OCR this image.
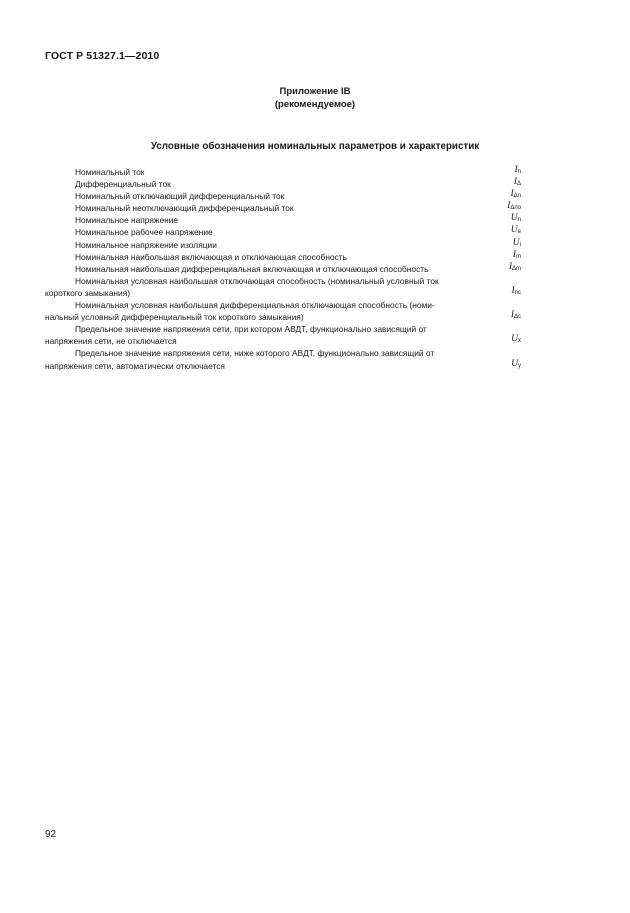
ГОСТ Р 51327.1—2010
Приложение IB
(рекомендуемое)
Условные обозначения номинальных параметров и характеристик
Номинальный ток	$I_n$
Дифференциальный ток	$I_\Delta$
Номинальный отключающий дифференциальный ток	$I_{\Delta n}$
Номинальный неотключающий дифференциальный ток	$I_{\Delta no}$
Номинальное напряжение	$U_n$
Номинальное рабочее напряжение	$U_e$
Номинальное напряжение изоляции	$U_i$
Номинальная наибольшая включающая и отключающая способность	$I_m$
Номинальная наибольшая дифференциальная включающая и отключающая способность	$I_{\Delta m}$
Номинальная условная наибольшая отключающая способность (номинальный условный ток
короткого замыкания)	$I_{nc}$
Номинальная условная наибольшая дифференциальная отключающая способность (номи-
нальный условный дифференциальный ток короткого замыкания)	$I_{\Delta c}$
Предельное значение напряжения сети, при котором АВДТ, функционально зависящий от
напряжения сети, не отключается	$U_x$
Предельное значение напряжения сети, ниже которого АВДТ, функционально зависящий от
напряжения сети, автоматически отключается	$U_y$
92
